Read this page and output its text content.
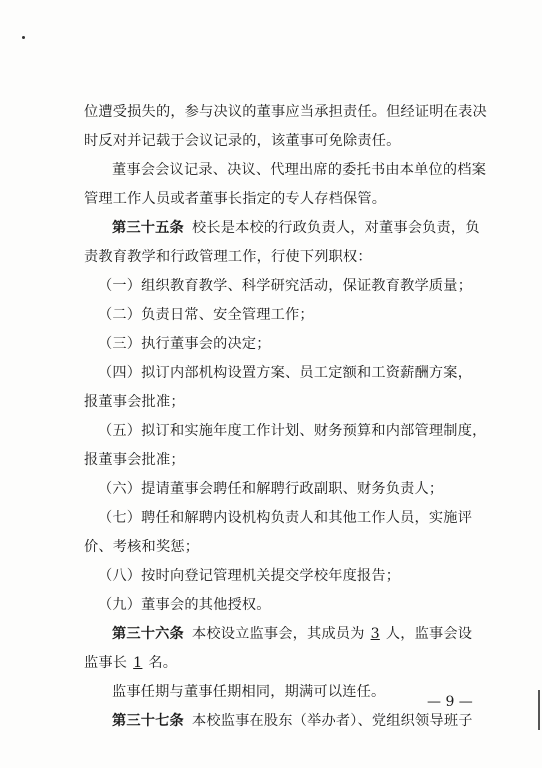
位遭受损失的，参与决议的董事应当承担责任。但经证明在表决
时反对并记载于会议记录的，该董事可免除责任。
董事会会议记录、决议、代理出席的委托书由本单位的档案
管理工作人员或者董事长指定的专人存档保管。
第三十五条 校长是本校的行政负责人，对董事会负责，负
责教育教学和行政管理工作，行使下列职权：
（一）组织教育教学、科学研究活动，保证教育教学质量；
（二）负责日常、安全管理工作；
（三）执行董事会的决定；
（四）拟订内部机构设置方案、员工定额和工资薪酬方案，
报董事会批准；
（五）拟订和实施年度工作计划、财务预算和内部管理制度，
报董事会批准；
（六）提请董事会聘任和解聘行政副职、财务负责人；
（七）聘任和解聘内设机构负责人和其他工作人员，实施评
价、考核和奖惩；
（八）按时向登记管理机关提交学校年度报告；
（九）董事会的其他授权。
第三十六条 本校设立监事会，其成员为 3 人，监事会设
监事长 1 名。
监事任期与董事任期相同，期满可以连任。
第三十七条 本校监事在股东（举办者）、党组织领导班子
— 9 —
